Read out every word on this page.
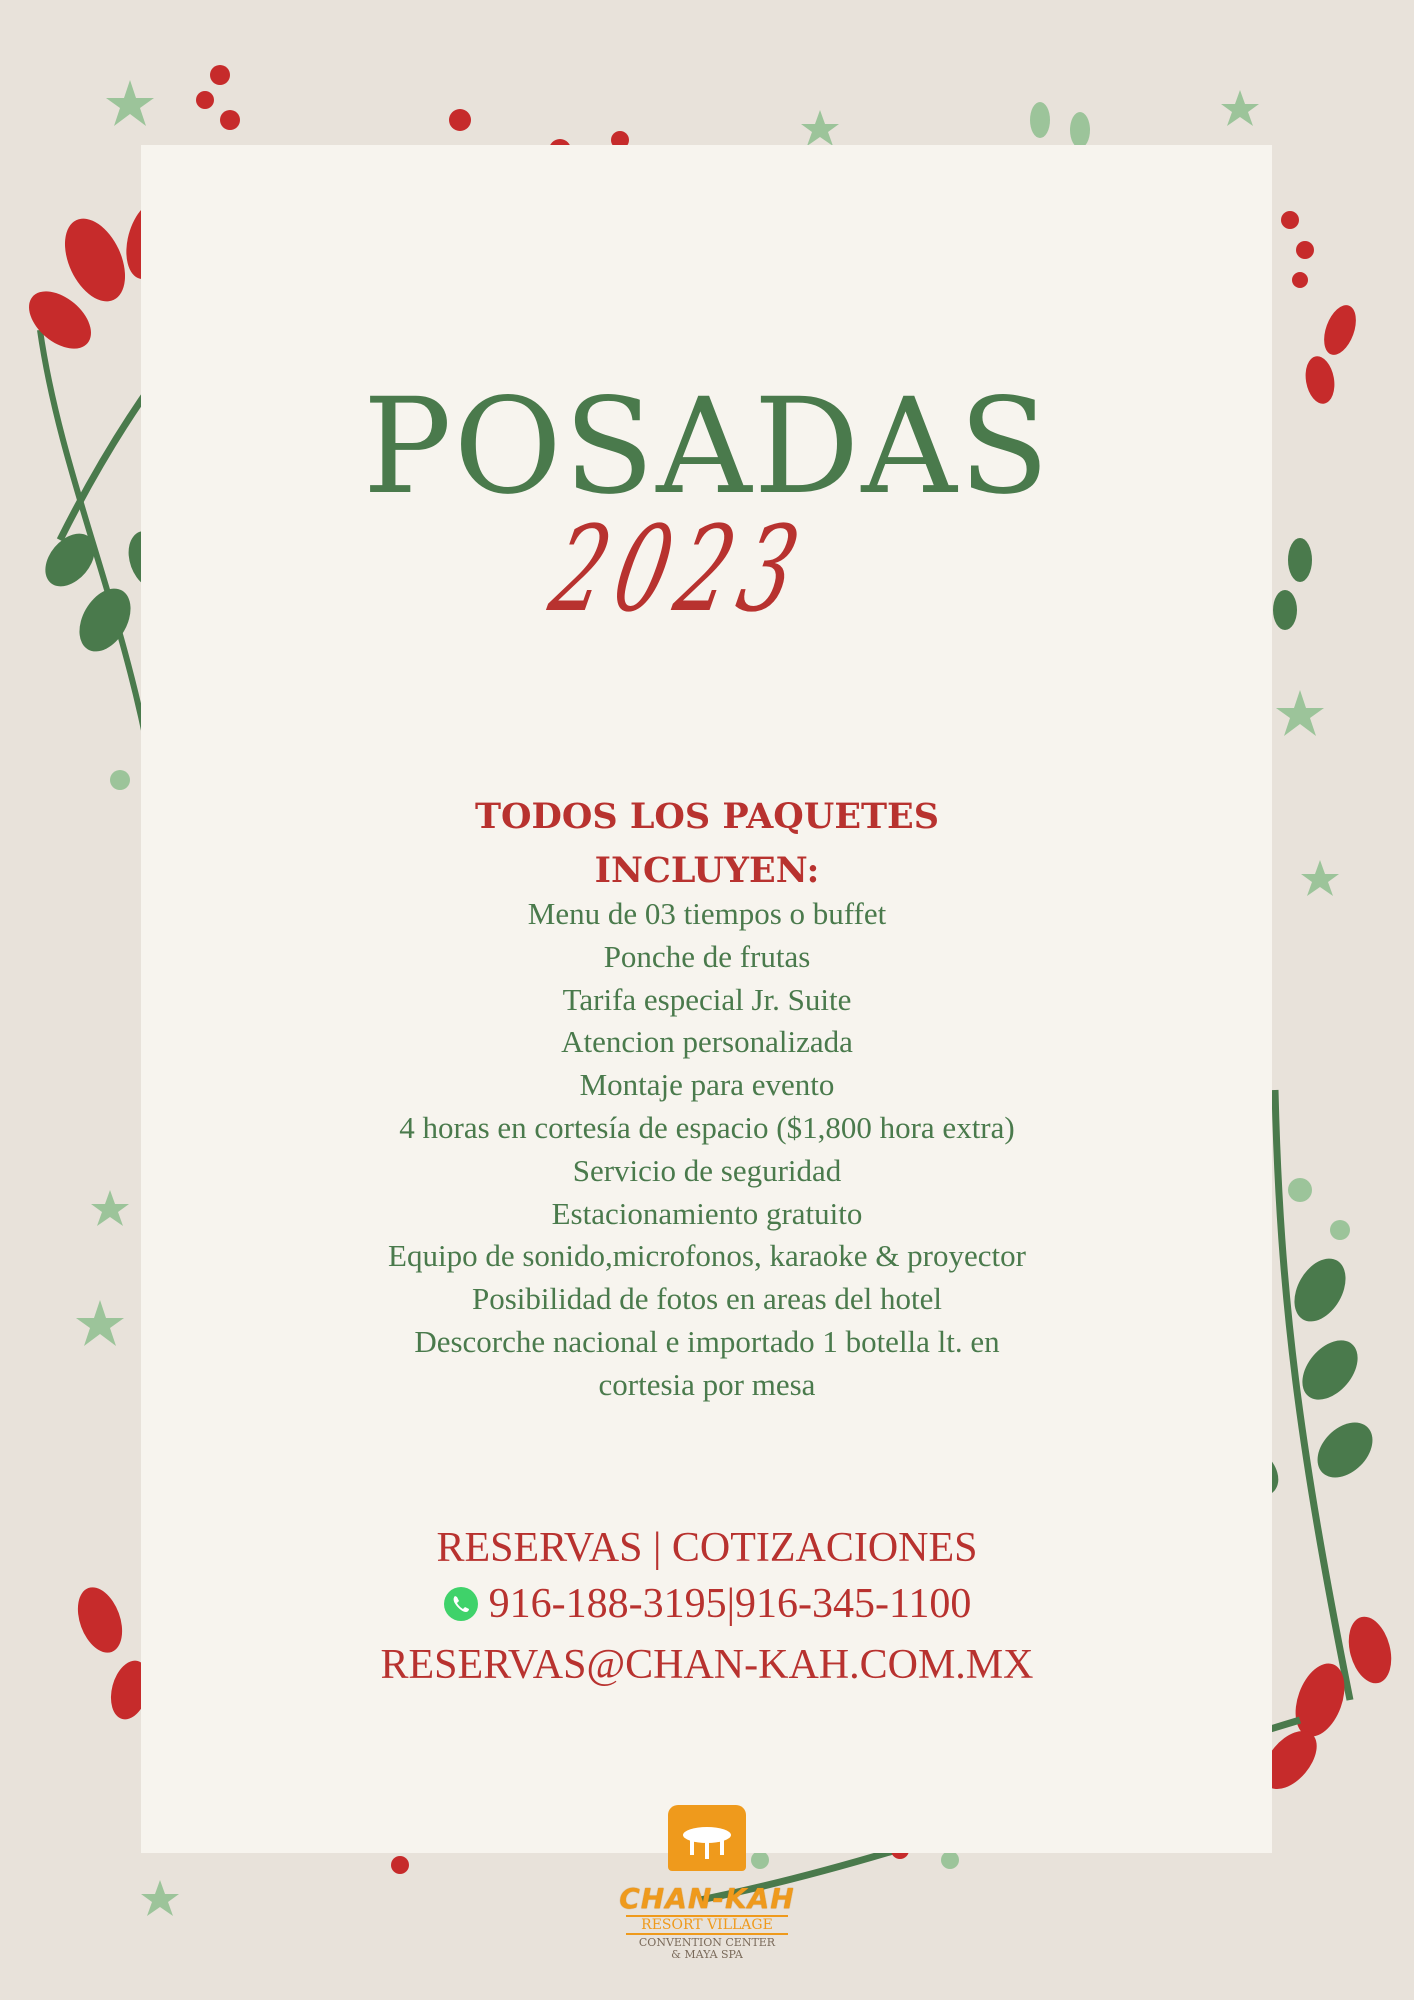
POSADAS
2023
TODOS LOS PAQUETES
INCLUYEN:
Menu de 03 tiempos o buffet
Ponche de frutas
Tarifa especial Jr. Suite
Atencion personalizada
Montaje para evento
4 horas en cortesía de espacio ($1,800 hora extra)
Servicio de seguridad
Estacionamiento gratuito
Equipo de sonido,microfonos, karaoke & proyector
Posibilidad de fotos en areas del hotel
Descorche nacional e importado 1 botella lt. en
cortesia por mesa
RESERVAS | COTIZACIONES
916-188-3195|916-345-1100
RESERVAS@CHAN-KAH.COM.MX
CHAN-KAH
RESORT VILLAGE
CONVENTION CENTER
& MAYA SPA
